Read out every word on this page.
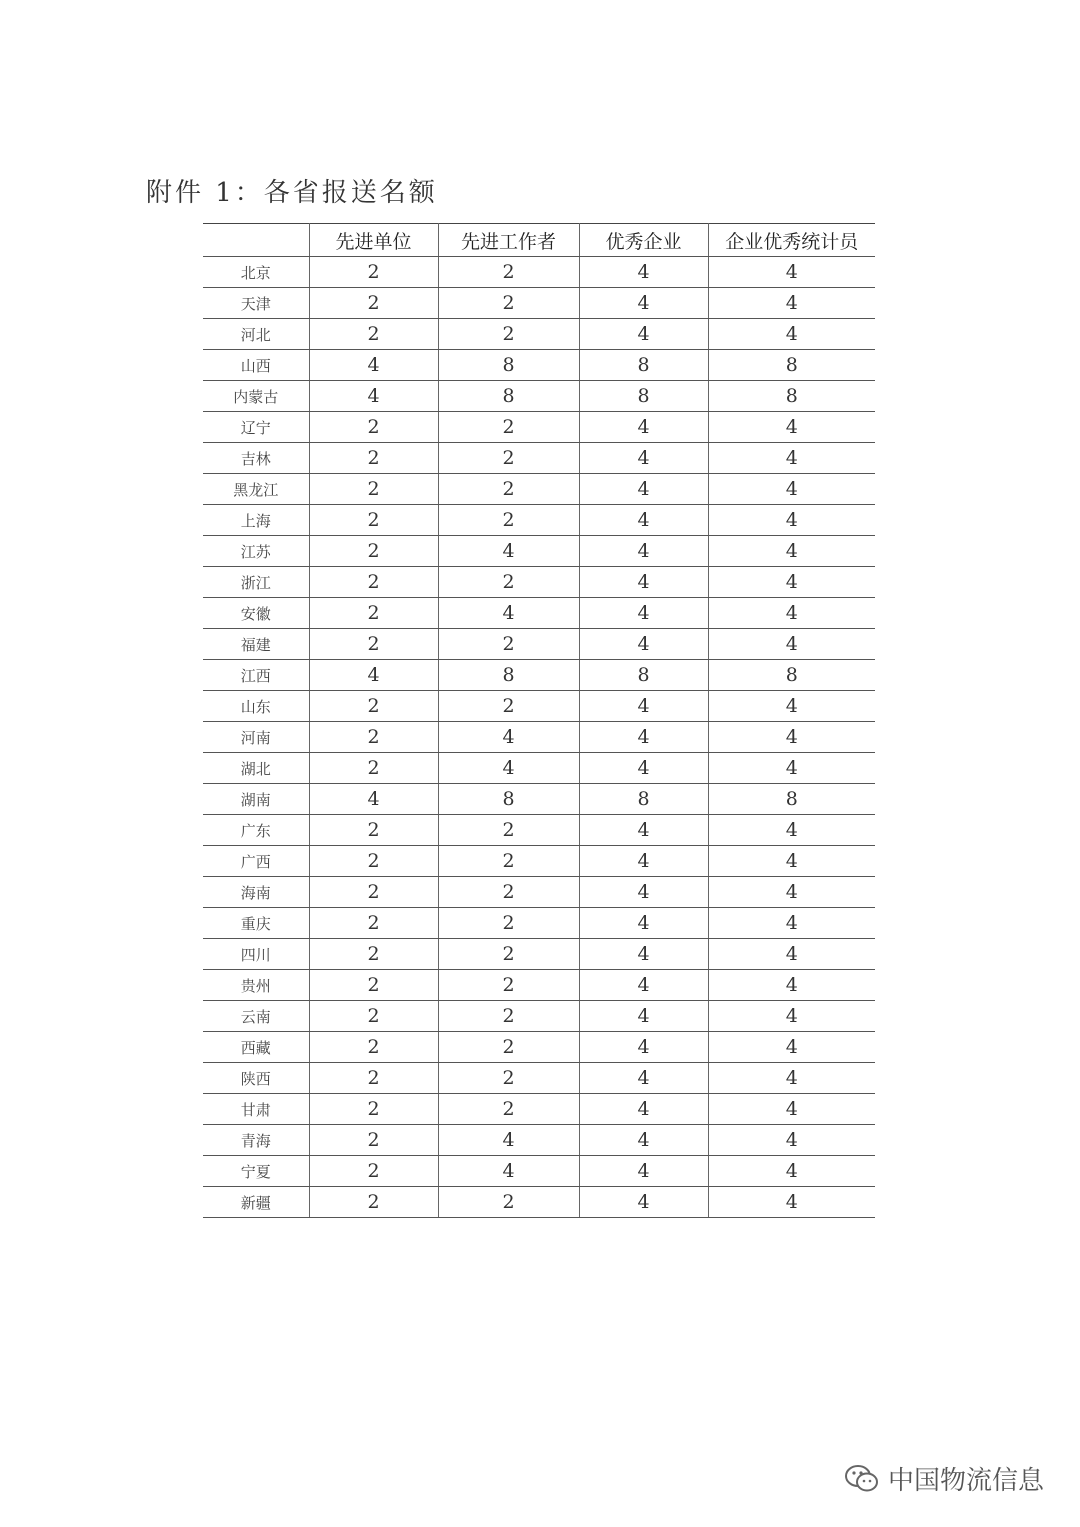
附件 1：各省报送名额
	先进单位	先进工作者	优秀企业	企业优秀统计员
北京	2	2	4	4
天津	2	2	4	4
河北	2	2	4	4
山西	4	8	8	8
内蒙古	4	8	8	8
辽宁	2	2	4	4
吉林	2	2	4	4
黑龙江	2	2	4	4
上海	2	2	4	4
江苏	2	4	4	4
浙江	2	2	4	4
安徽	2	4	4	4
福建	2	2	4	4
江西	4	8	8	8
山东	2	2	4	4
河南	2	4	4	4
湖北	2	4	4	4
湖南	4	8	8	8
广东	2	2	4	4
广西	2	2	4	4
海南	2	2	4	4
重庆	2	2	4	4
四川	2	2	4	4
贵州	2	2	4	4
云南	2	2	4	4
西藏	2	2	4	4
陕西	2	2	4	4
甘肃	2	2	4	4
青海	2	4	4	4
宁夏	2	4	4	4
新疆	2	2	4	4
中国物流信息
